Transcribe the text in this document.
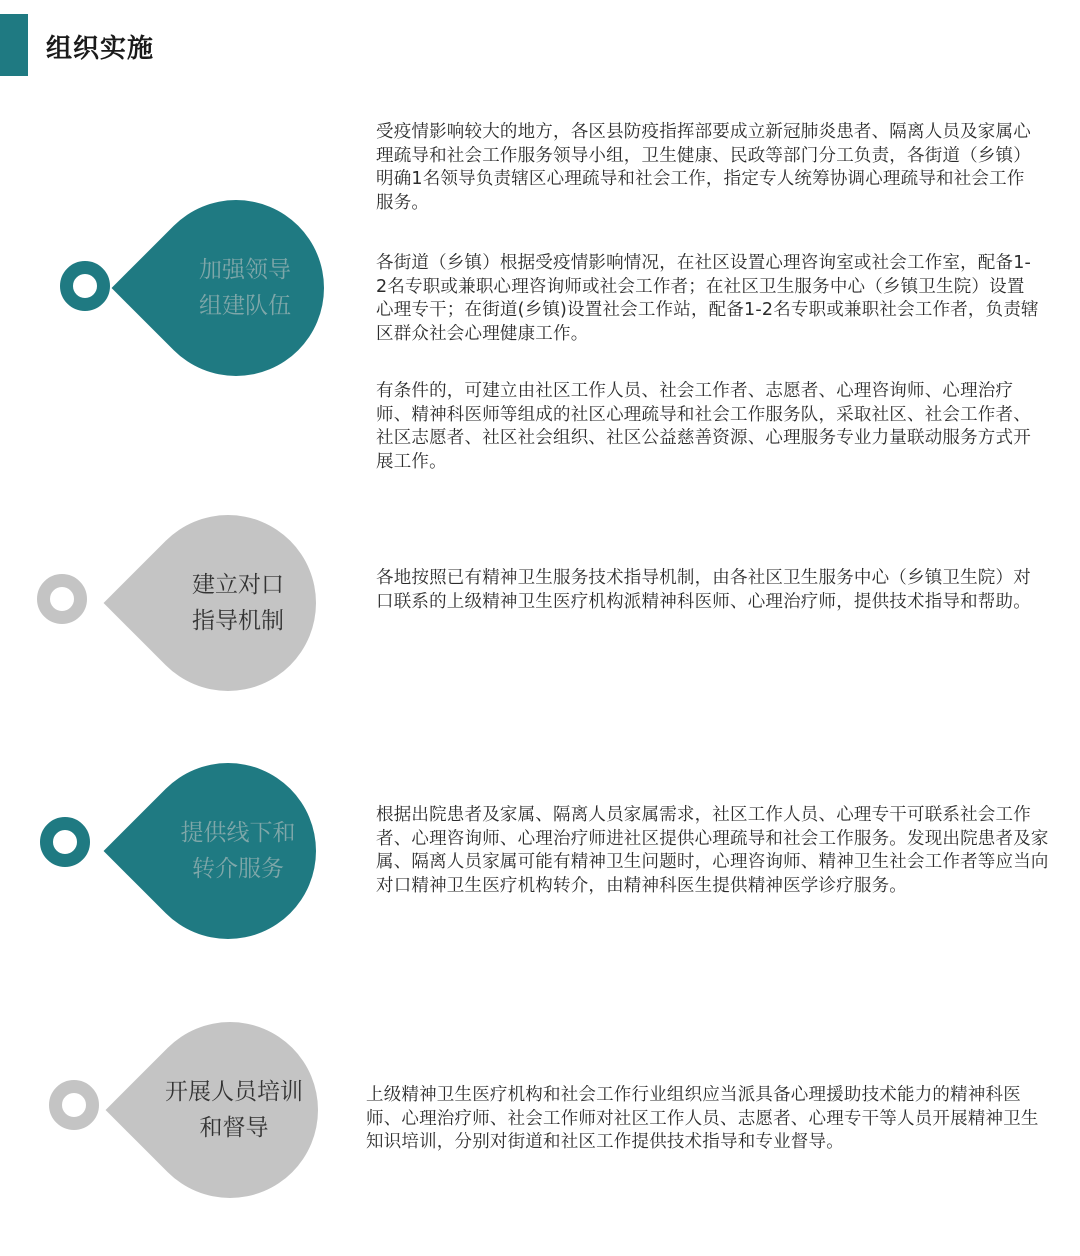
组织实施
加强领导
组建队伍

受疫情影响较大的地方，各区县防疫指挥部要成立新冠肺炎患者、隔离人员及家属心理疏导和社会工作服务领导小组，卫生健康、民政等部门分工负责，各街道（乡镇）明确1名领导负责辖区心理疏导和社会工作，指定专人统筹协调心理疏导和社会工作服务。

各街道（乡镇）根据受疫情影响情况，在社区设置心理咨询室或社会工作室，配备1-2名专职或兼职心理咨询师或社会工作者；在社区卫生服务中心（乡镇卫生院）设置心理专干；在街道(乡镇)设置社会工作站，配备1-2名专职或兼职社会工作者，负责辖区群众社会心理健康工作。

有条件的，可建立由社区工作人员、社会工作者、志愿者、心理咨询师、心理治疗师、精神科医师等组成的社区心理疏导和社会工作服务队，采取社区、社会工作者、社区志愿者、社区社会组织、社区公益慈善资源、心理服务专业力量联动服务方式开展工作。

建立对口
指导机制

各地按照已有精神卫生服务技术指导机制，由各社区卫生服务中心（乡镇卫生院）对口联系的上级精神卫生医疗机构派精神科医师、心理治疗师，提供技术指导和帮助。

提供线下和
转介服务

根据出院患者及家属、隔离人员家属需求，社区工作人员、心理专干可联系社会工作者、心理咨询师、心理治疗师进社区提供心理疏导和社会工作服务。发现出院患者及家属、隔离人员家属可能有精神卫生问题时，心理咨询师、精神卫生社会工作者等应当向对口精神卫生医疗机构转介，由精神科医生提供精神医学诊疗服务。

开展人员培训
和督导

上级精神卫生医疗机构和社会工作行业组织应当派具备心理援助技术能力的精神科医师、心理治疗师、社会工作师对社区工作人员、志愿者、心理专干等人员开展精神卫生知识培训，分别对街道和社区工作提供技术指导和专业督导。
